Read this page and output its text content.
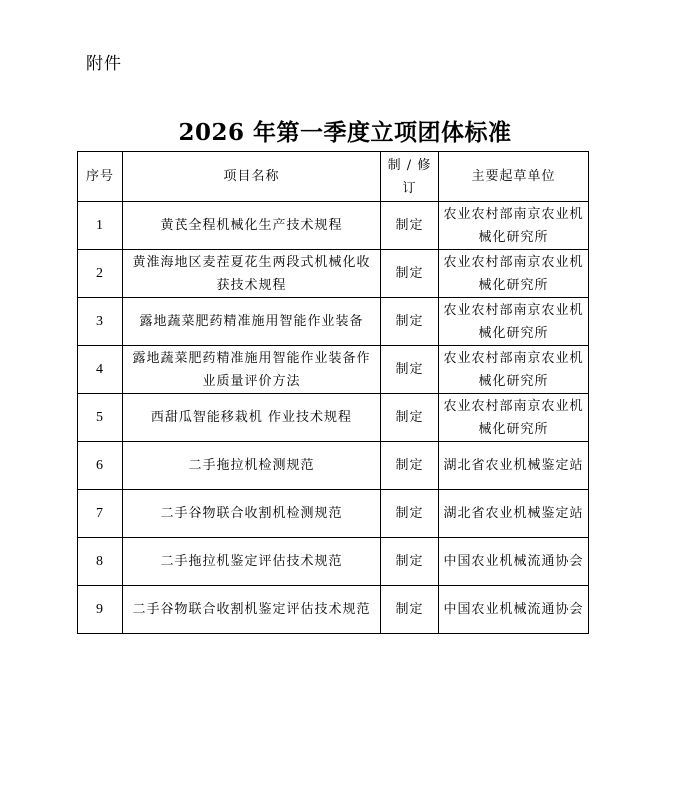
附件
2026 年第一季度立项团体标准
序号	项目名称	制 / 修订	主要起草单位
1	黄芪全程机械化生产技术规程	制定	农业农村部南京农业机械化研究所
2	黄淮海地区麦茬夏花生两段式机械化收获技术规程	制定	农业农村部南京农业机械化研究所
3	露地蔬菜肥药精准施用智能作业装备	制定	农业农村部南京农业机械化研究所
4	露地蔬菜肥药精准施用智能作业装备作业质量评价方法	制定	农业农村部南京农业机械化研究所
5	西甜瓜智能移栽机 作业技术规程	制定	农业农村部南京农业机械化研究所
6	二手拖拉机检测规范	制定	湖北省农业机械鉴定站
7	二手谷物联合收割机检测规范	制定	湖北省农业机械鉴定站
8	二手拖拉机鉴定评估技术规范	制定	中国农业机械流通协会
9	二手谷物联合收割机鉴定评估技术规范	制定	中国农业机械流通协会
